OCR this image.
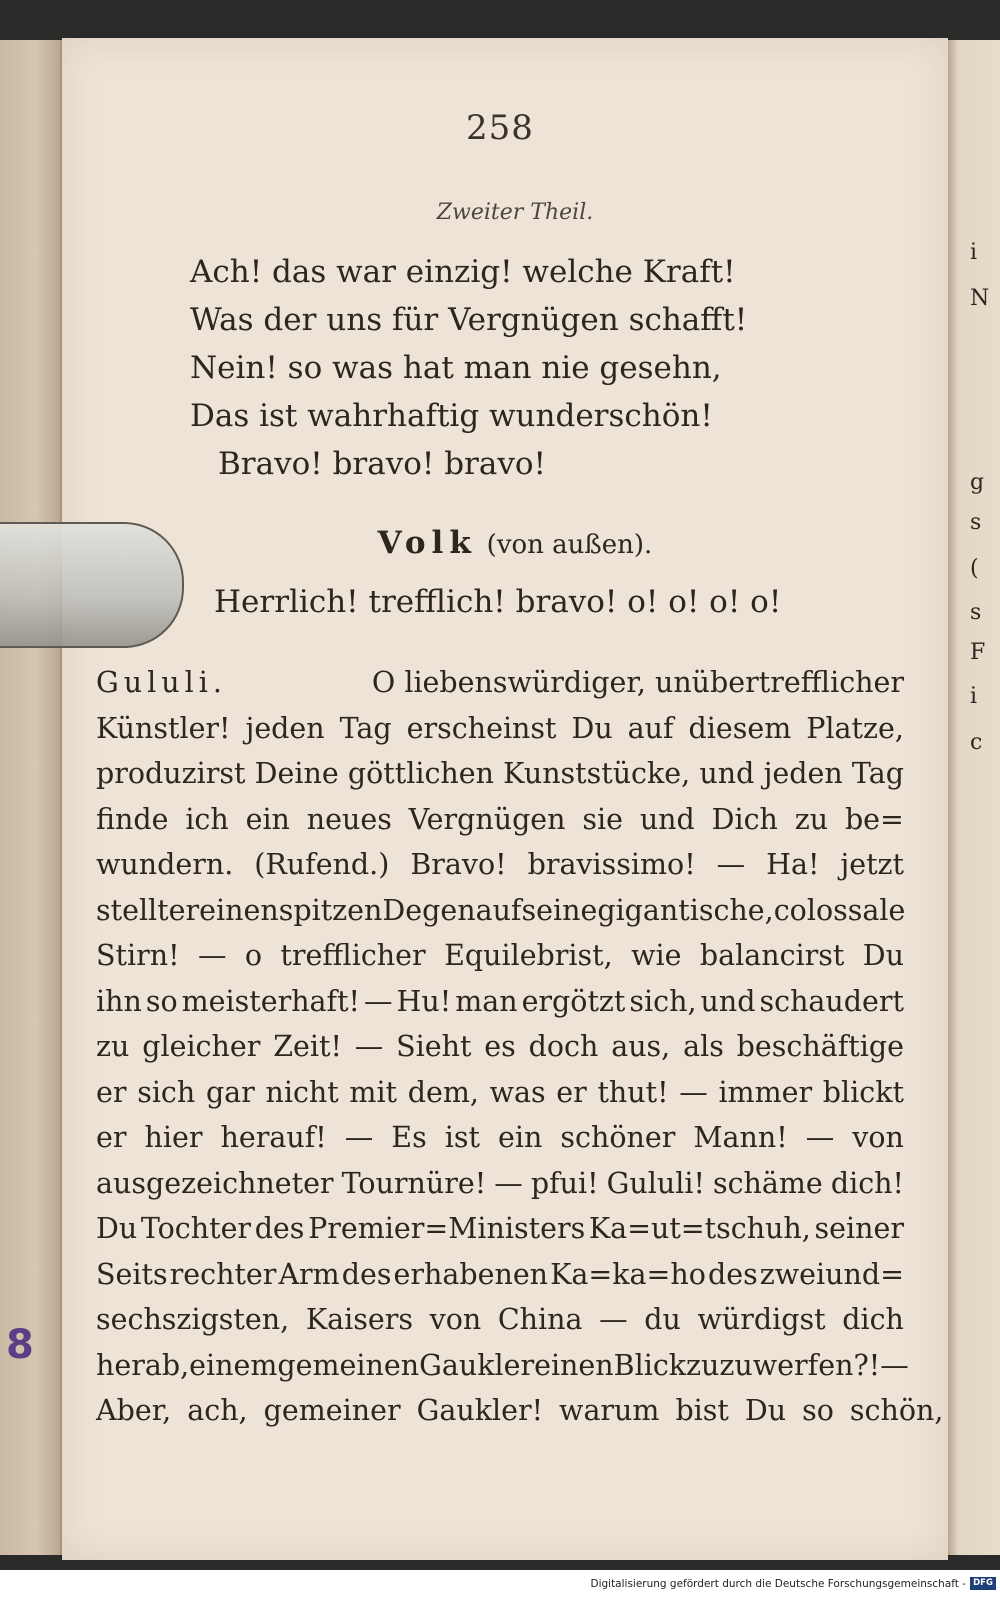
i
N
g
s
(
s
F
i
c
258
Zweiter Theil.
Ach! das war einzig! welche Kraft!
Was der uns für Vergnügen schafft!
Nein! so was hat man nie gesehn,
Das ist wahrhaftig wunderschön!
Bravo! bravo! bravo!
Volk (von außen).
Herrlich! trefflich! bravo! o! o! o! o!
Gululi.	O liebenswürdiger, unübertrefflicher
Künstler! jeden Tag erscheinst Du auf diesem Platze,
produzirst Deine göttlichen Kunststücke, und jeden Tag
finde ich ein neues Vergnügen sie und Dich zu be=
wundern. (Rufend.) Bravo! bravissimo! — Ha! jetzt
stellt er einen spitzen Degen auf seine gigantische, colossale
Stirn! — o trefflicher Equilebrist, wie balancirst Du
ihn so meisterhaft! — Hu! man ergötzt sich, und schaudert
zu gleicher Zeit! — Sieht es doch aus, als beschäftige
er sich gar nicht mit dem, was er thut! — immer blickt
er hier herauf! — Es ist ein schöner Mann! — von
ausgezeichneter Tournüre! — pfui! Gululi! schäme dich!
Du Tochter des Premier=Ministers Ka=ut=tschuh, seiner
Seits rechter Arm des erhabenen Ka=ka=ho des zweiund=
sechszigsten, Kaisers von China — du würdigst dich
herab, einem gemeinen Gaukler einen Blick zuzuwerfen?! —
Aber, ach, gemeiner Gaukler! warum bist Du so schön,
8
Digitalisierung gefördert durch die Deutsche Forschungsgemeinschaft - DFG
